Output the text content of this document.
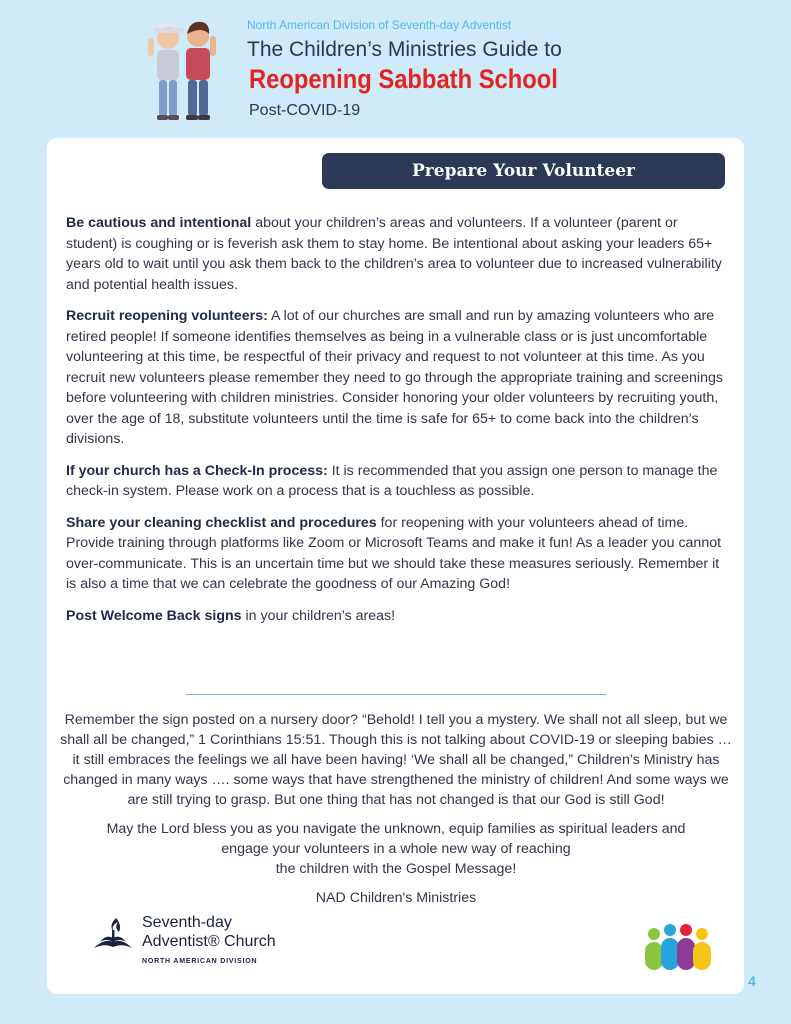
North American Division of Seventh-day Adventist
The Children’s Ministries Guide to
Reopening Sabbath School
Post-COVID-19
Prepare Your Volunteer

Be cautious and intentional about your children’s areas and volunteers. If a volunteer (parent or student) is coughing or is feverish ask them to stay home. Be intentional about asking your leaders 65+ years old to wait until you ask them back to the children’s area to volunteer due to increased vulnerability and potential health issues.

Recruit reopening volunteers: A lot of our churches are small and run by amazing volunteers who are retired people! If someone identifies themselves as being in a vulnerable class or is just uncomfortable volunteering at this time, be respectful of their privacy and request to not volunteer at this time. As you recruit new volunteers please remember they need to go through the appropriate training and screenings before volunteering with children ministries. Consider honoring your older volunteers by recruiting youth, over the age of 18, substitute volunteers until the time is safe for 65+ to come back into the children’s divisions.

If your church has a Check-In process: It is recommended that you assign one person to manage the check-in system. Please work on a process that is a touchless as possible.

Share your cleaning checklist and procedures for reopening with your volunteers ahead of time. Provide training through platforms like Zoom or Microsoft Teams and make it fun! As a leader you cannot over-communicate. This is an uncertain time but we should take these measures seriously. Remember it is also a time that we can celebrate the goodness of our Amazing God!

Post Welcome Back signs in your children’s areas!

Remember the sign posted on a nursery door? “Behold! I tell you a mystery. We shall not all sleep, but we shall all be changed,” 1 Corinthians 15:51. Though this is not talking about COVID-19 or sleeping babies … it still embraces the feelings we all have been having! ‘We shall all be changed,” Children’s Ministry has changed in many ways …. some ways that have strengthened the ministry of children! And some ways we are still trying to grasp. But one thing that has not changed is that our God is still God!

May the Lord bless you as you navigate the unknown, equip families as spiritual leaders and
engage your volunteers in a whole new way of reaching
the children with the Gospel Message!

NAD Children's Ministries

Seventh-day
Adventist® Church
NORTH AMERICAN DIVISION
4
